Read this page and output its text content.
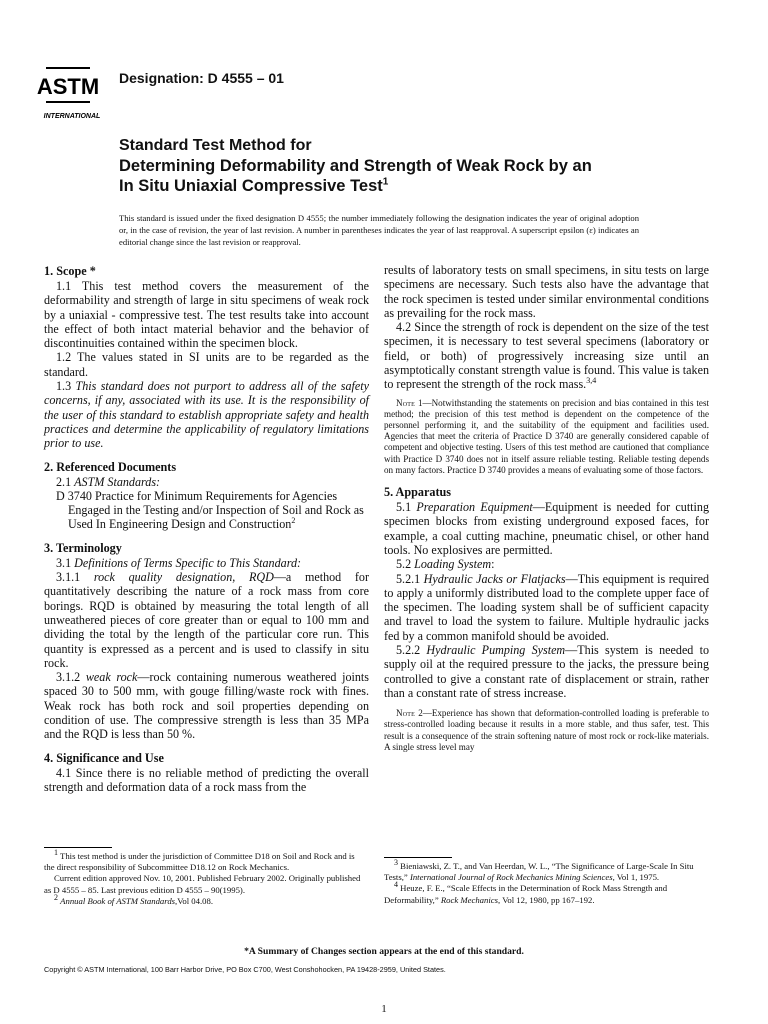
ASTM
INTERNATIONAL
Designation: D 4555 – 01
Standard Test Method for
Determining Deformability and Strength of Weak Rock by an
In Situ Uniaxial Compressive Test$^1$
This standard is issued under the fixed designation D 4555; the number immediately following the designation indicates the year of original adoption or, in the case of revision, the year of last revision. A number in parentheses indicates the year of last reapproval. A superscript epsilon (ε) indicates an editorial change since the last revision or reapproval.
1. Scope *

1.1 This test method covers the measurement of the deformability and strength of large in situ specimens of weak rock by a uniaxial - compressive test. The test results take into account the effect of both intact material behavior and the behavior of discontinuities contained within the specimen block.

1.2 The values stated in SI units are to be regarded as the standard.

1.3 This standard does not purport to address all of the safety concerns, if any, associated with its use. It is the responsibility of the user of this standard to establish appropriate safety and health practices and determine the applicability of regulatory limitations prior to use.

2. Referenced Documents

2.1 ASTM Standards:

D 3740 Practice for Minimum Requirements for Agencies Engaged in the Testing and/or Inspection of Soil and Rock as Used In Engineering Design and Construction$^2$

3. Terminology

3.1 Definitions of Terms Specific to This Standard:

3.1.1 rock quality designation, RQD—a method for quantitatively describing the nature of a rock mass from core borings. RQD is obtained by measuring the total length of all unweathered pieces of core greater than or equal to 100 mm and dividing the total by the length of the particular core run. This quantity is expressed as a percent and is used to classify in situ rock.

3.1.2 weak rock—rock containing numerous weathered joints spaced 30 to 500 mm, with gouge filling/waste rock with fines. Weak rock has both rock and soil properties depending on condition of use. The compressive strength is less than 35 MPa and the RQD is less than 50 %.

4. Significance and Use

4.1 Since there is no reliable method of predicting the overall strength and deformation data of a rock mass from the

results of laboratory tests on small specimens, in situ tests on large specimens are necessary. Such tests also have the advantage that the rock specimen is tested under similar environmental conditions as prevailing for the rock mass.

4.2 Since the strength of rock is dependent on the size of the test specimen, it is necessary to test several specimens (laboratory or field, or both) of progressively increasing size until an asymptotically constant strength value is found. This value is taken to represent the strength of the rock mass.$^{3,4}$

Note 1—Notwithstanding the statements on precision and bias contained in this test method; the precision of this test method is dependent on the competence of the personnel performing it, and the suitability of the equipment and facilities used. Agencies that meet the criteria of Practice D 3740 are generally considered capable of competent and objective testing. Users of this test method are cautioned that compliance with Practice D 3740 does not in itself assure reliable testing. Reliable testing depends on many factors. Practice D 3740 provides a means of evaluating some of those factors.
5. Apparatus

5.1 Preparation Equipment—Equipment is needed for cutting specimen blocks from existing underground exposed faces, for example, a coal cutting machine, pneumatic chisel, or other hand tools. No explosives are permitted.

5.2 Loading System:

5.2.1 Hydraulic Jacks or Flatjacks—This equipment is required to apply a uniformly distributed load to the complete upper face of the specimen. The loading system shall be of sufficient capacity and travel to load the system to failure. Multiple hydraulic jacks fed by a common manifold should be avoided.

5.2.2 Hydraulic Pumping System—This system is needed to supply oil at the required pressure to the jacks, the pressure being controlled to give a constant rate of displacement or strain, rather than a constant rate of stress increase.

Note 2—Experience has shown that deformation-controlled loading is preferable to stress-controlled loading because it results in a more stable, and thus safer, test. This result is a consequence of the strain softening nature of most rock or rock-like materials. A single stress level may

$^1$ This test method is under the jurisdiction of Committee D18 on Soil and Rock and is the direct responsibility of Subcommittee D18.12 on Rock Mechanics.

Current edition approved Nov. 10, 2001. Published February 2002. Originally published as D 4555 – 85. Last previous edition D 4555 – 90(1995).

$^2$ Annual Book of ASTM Standards,Vol 04.08.

$^3$ Bieniawski, Z. T., and Van Heerdan, W. L., “The Significance of Large-Scale In Situ Tests,” International Journal of Rock Mechanics Mining Sciences, Vol 1, 1975.

$^4$ Heuze, F. E., “Scale Effects in the Determination of Rock Mass Strength and Deformability,” Rock Mechanics, Vol 12, 1980, pp 167–192.

*A Summary of Changes section appears at the end of this standard.
Copyright © ASTM International, 100 Barr Harbor Drive, PO Box C700, West Conshohocken, PA 19428-2959, United States.
1
